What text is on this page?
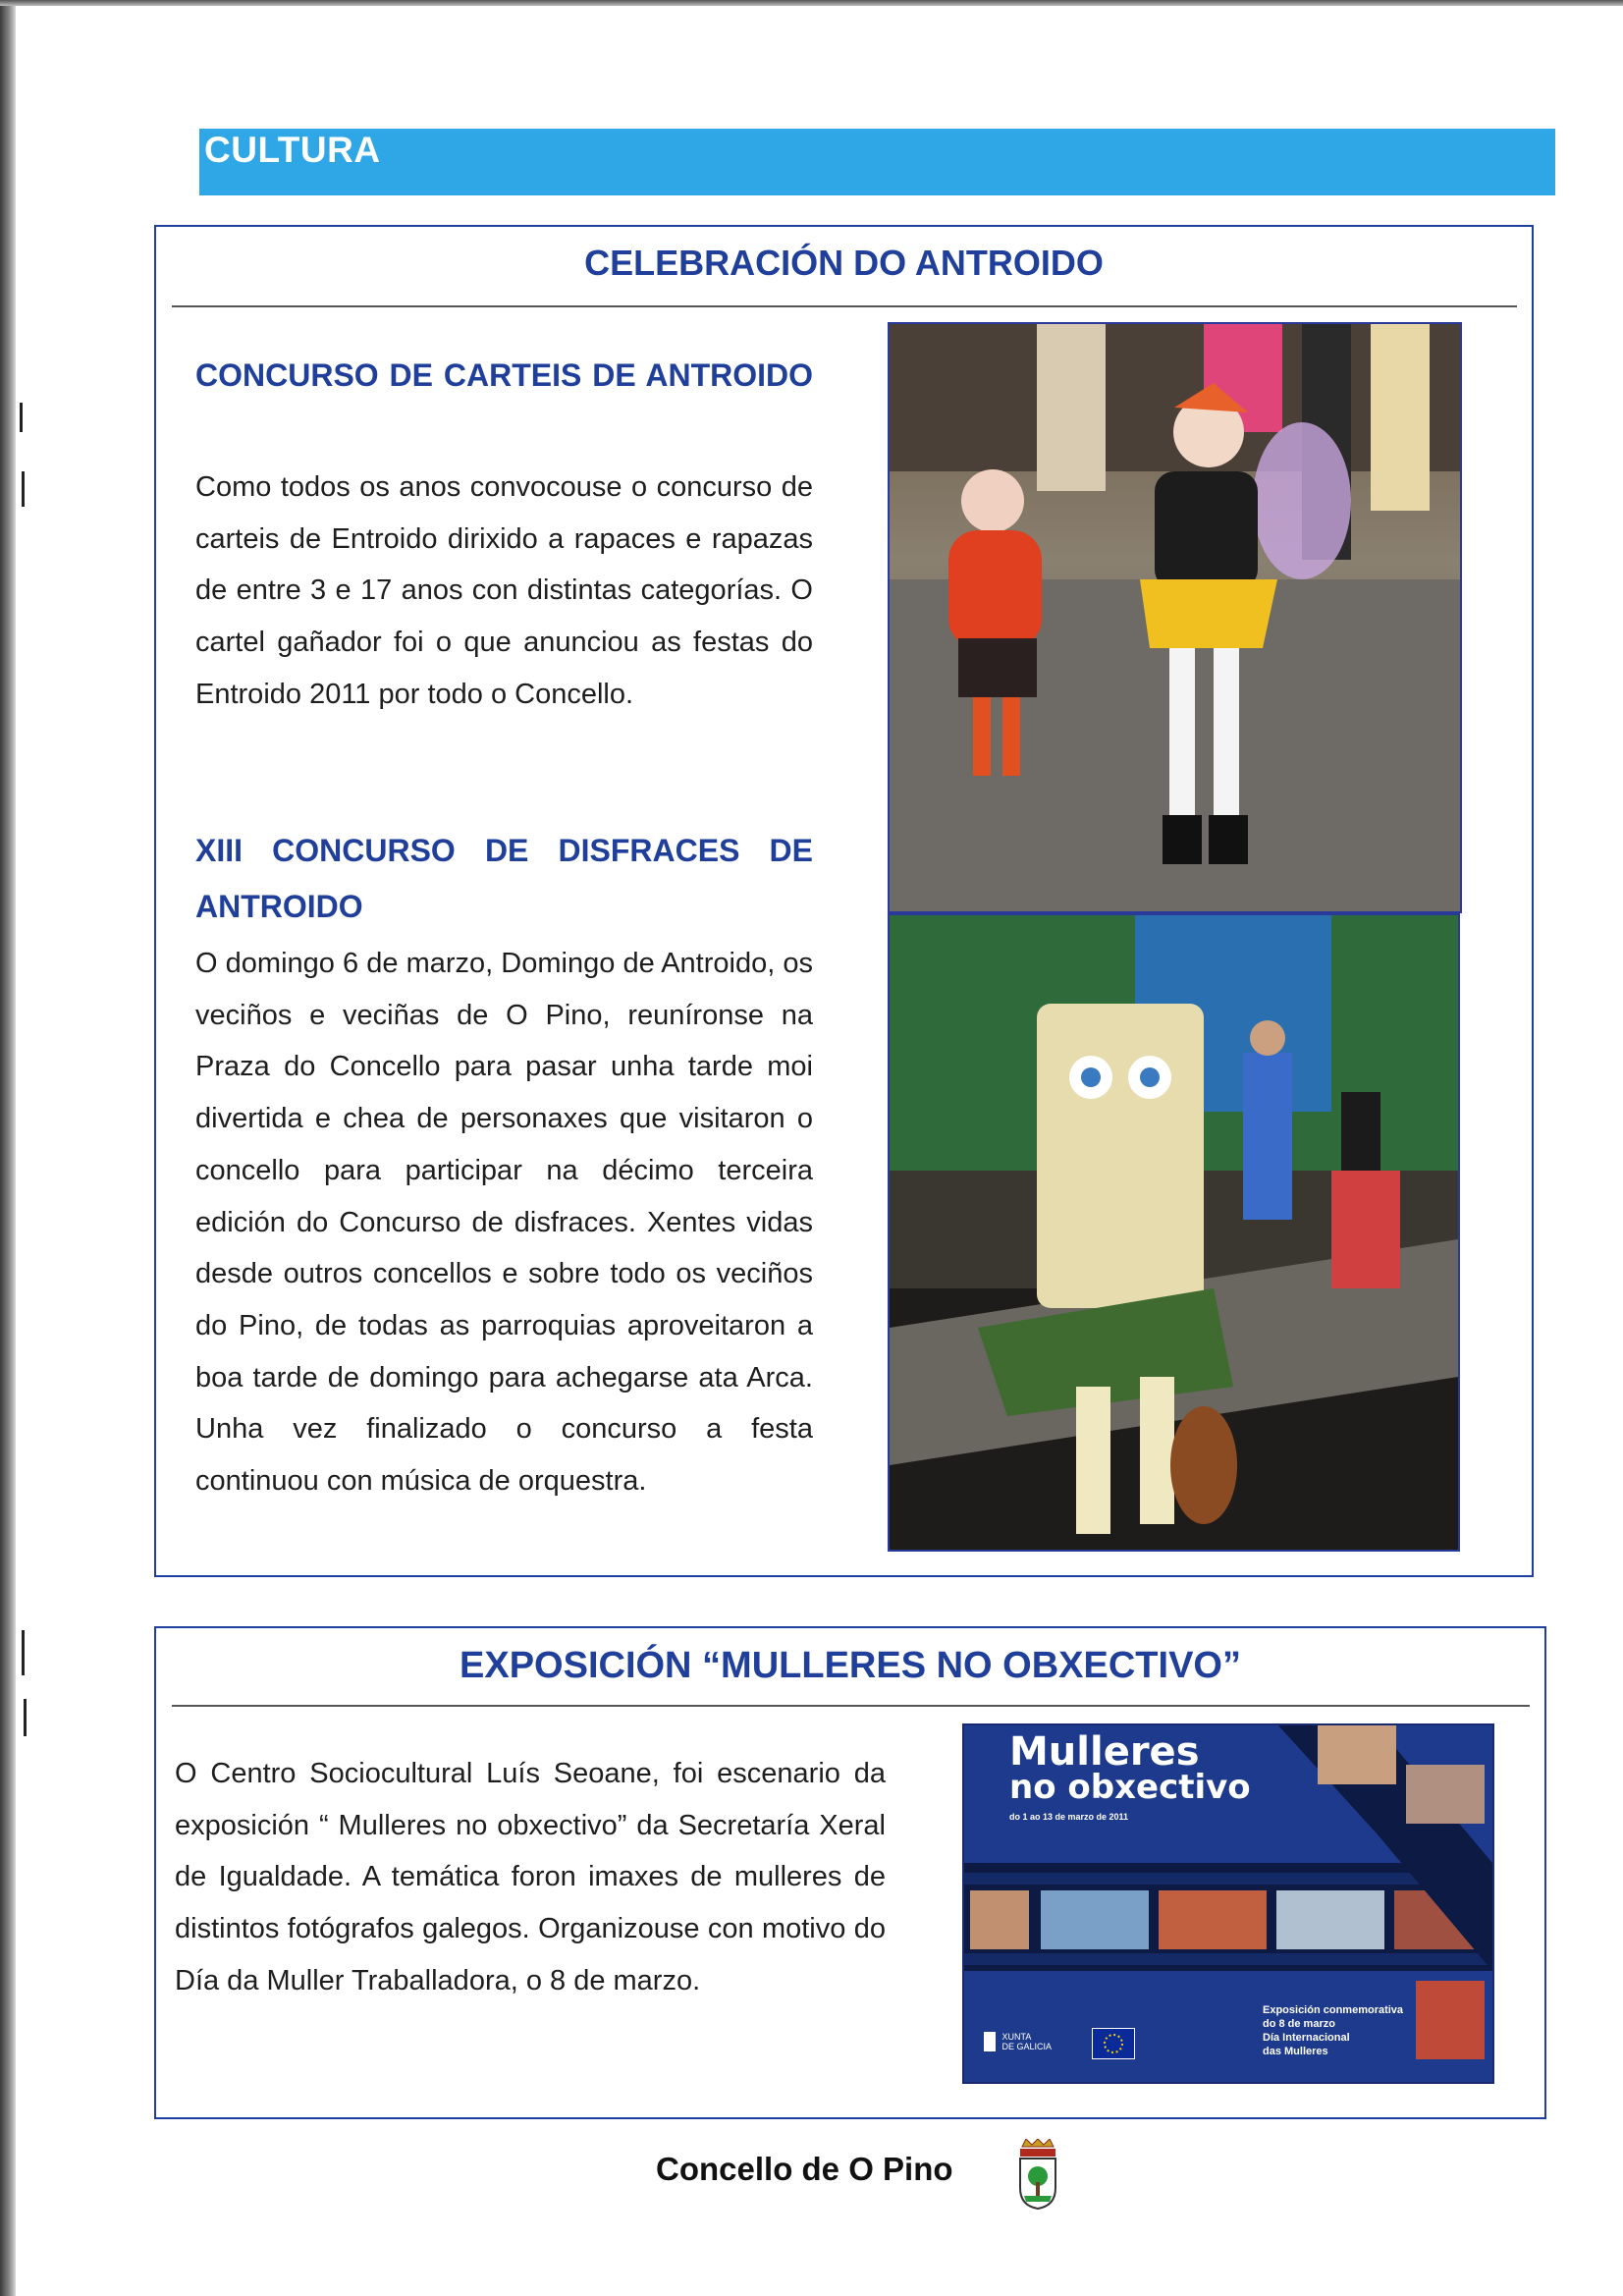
CULTURA
CELEBRACIÓN DO ANTROIDO
CONCURSO DE CARTEIS DE ANTROIDO
Como todos os anos convocouse o concurso de carteis de Entroido dirixido a rapaces e rapazas de entre 3 e 17 anos con distintas categorías. O cartel gañador foi o que anunciou as festas do Entroido 2011 por todo o Concello.
XIII CONCURSO DE DISFRACES DE ANTROIDO
O domingo 6 de marzo, Domingo de Antroido, os veciños e veciñas de O Pino, reuníronse na Praza do Concello para pasar unha tarde moi divertida e chea de personaxes que visitaron o concello para participar na décimo terceira edición do Concurso de disfraces. Xentes vidas desde outros concellos e sobre todo os veciños do Pino, de todas as parroquias aproveitaron a boa tarde de domingo para achegarse ata Arca. Unha vez finalizado o concurso a festa continuou con música de orquestra.
EXPOSICIÓN “MULLERES NO OBXECTIVO”
O Centro Sociocultural Luís Seoane, foi escenario da exposición “ Mulleres no obxectivo” da Secretaría Xeral de Igualdade. A temática foron imaxes de mulleres de distintos fotógrafos galegos. Organizouse con motivo do Día da Muller Traballadora, o 8 de marzo.
Mulleres
no obxectivo
do 1 ao 13 de marzo de 2011
Exposición conmemorativa
do 8 de marzo
Día Internacional
das Mulleres

XUNTA
DE GALICIA
Concello de O Pino
